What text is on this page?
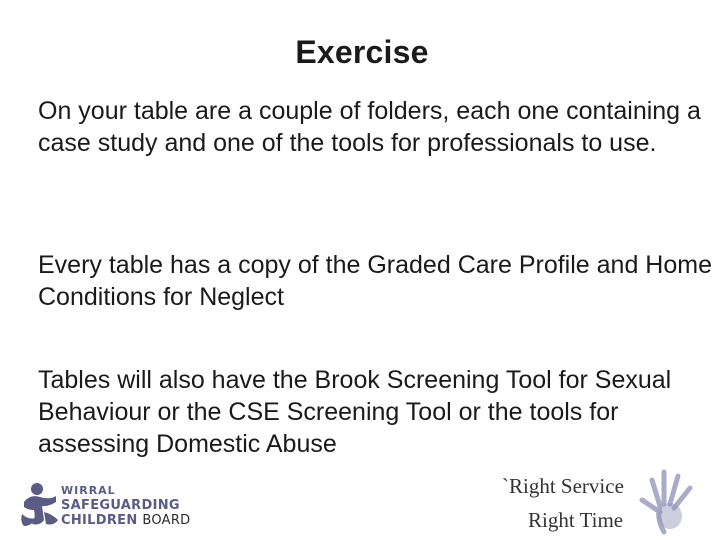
Exercise

On your table are a couple of folders, each one containing a case study and one of the tools for professionals to use.

Every table has a copy of the Graded Care Profile and Home Conditions for Neglect

Tables will also have the Brook Screening Tool for Sexual Behaviour or the CSE Screening Tool or the tools for assessing Domestic Abuse

WIRRAL
SAFEGUARDING
CHILDREN BOARD
`Right Service
Right Time
